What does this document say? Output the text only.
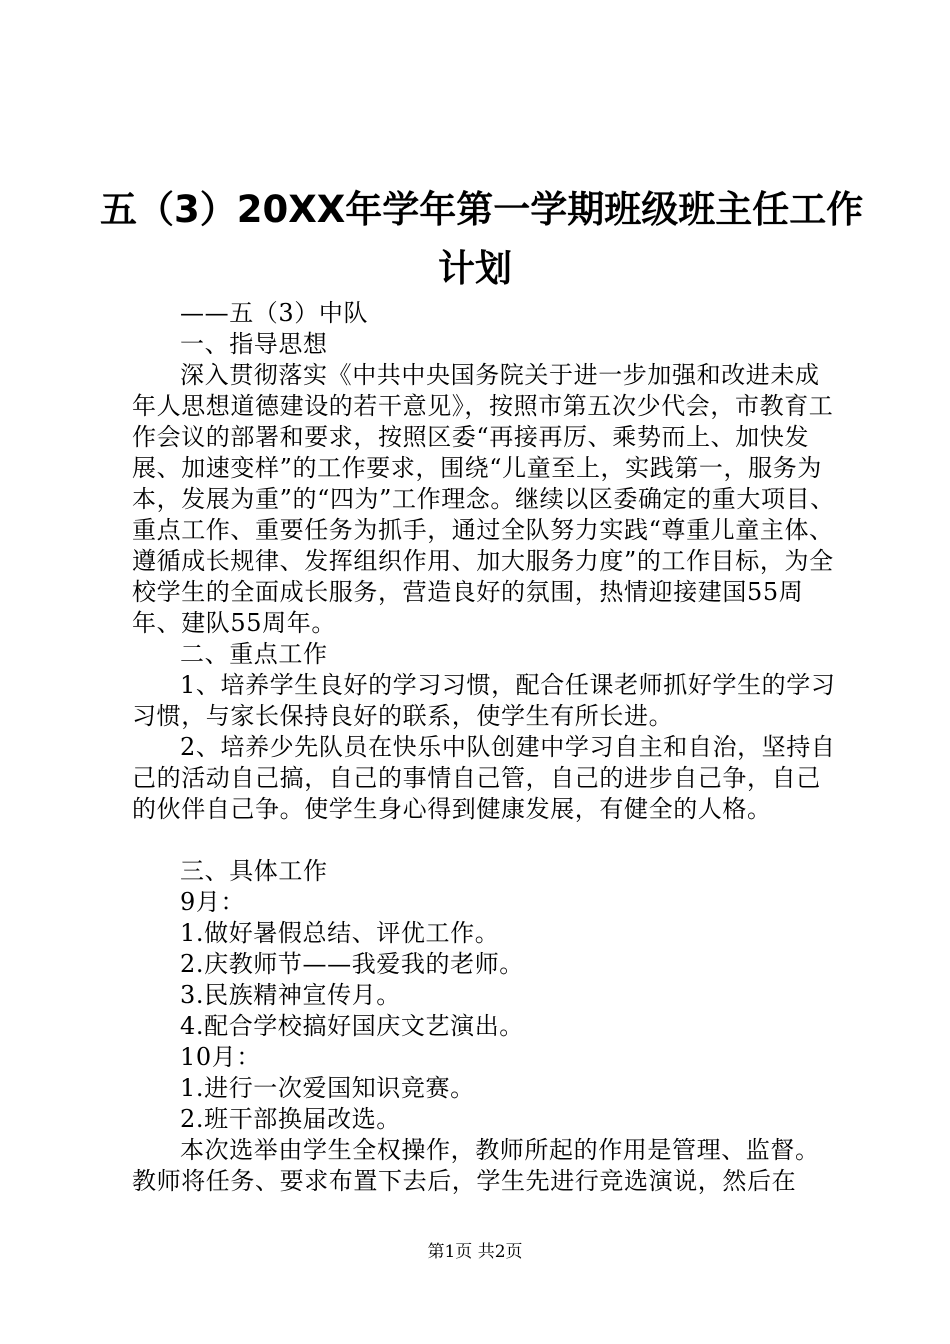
五（3）20XX年学年第一学期班级班主任工作
计划

——五（3）中队

一、指导思想

深入贯彻落实《中共中央国务院关于进一步加强和改进未成年人思想道德建设的若干意见》，按照市第五次少代会，市教育工作会议的部署和要求，按照区委“再接再厉、乘势而上、加快发展、加速变样”的工作要求，围绕“儿童至上，实践第一，服务为本，发展为重”的“四为”工作理念。继续以区委确定的重大项目、重点工作、重要任务为抓手，通过全队努力实践“尊重儿童主体、遵循成长规律、发挥组织作用、加大服务力度”的工作目标，为全校学生的全面成长服务，营造良好的氛围，热情迎接建国55周年、建队55周年。

二、重点工作

1、培养学生良好的学习习惯，配合任课老师抓好学生的学习习惯，与家长保持良好的联系，使学生有所长进。

2、培养少先队员在快乐中队创建中学习自主和自治，坚持自己的活动自己搞，自己的事情自己管，自己的进步自己争，自己的伙伴自己争。使学生身心得到健康发展，有健全的人格。

三、具体工作

9月：

1.做好暑假总结、评优工作。

2.庆教师节——我爱我的老师。

3.民族精神宣传月。

4.配合学校搞好国庆文艺演出。

10月：

1.进行一次爱国知识竞赛。

2.班干部换届改选。

本次选举由学生全权操作，教师所起的作用是管理、监督。教师将任务、要求布置下去后，学生先进行竞选演说，然后在

第1页 共2页
